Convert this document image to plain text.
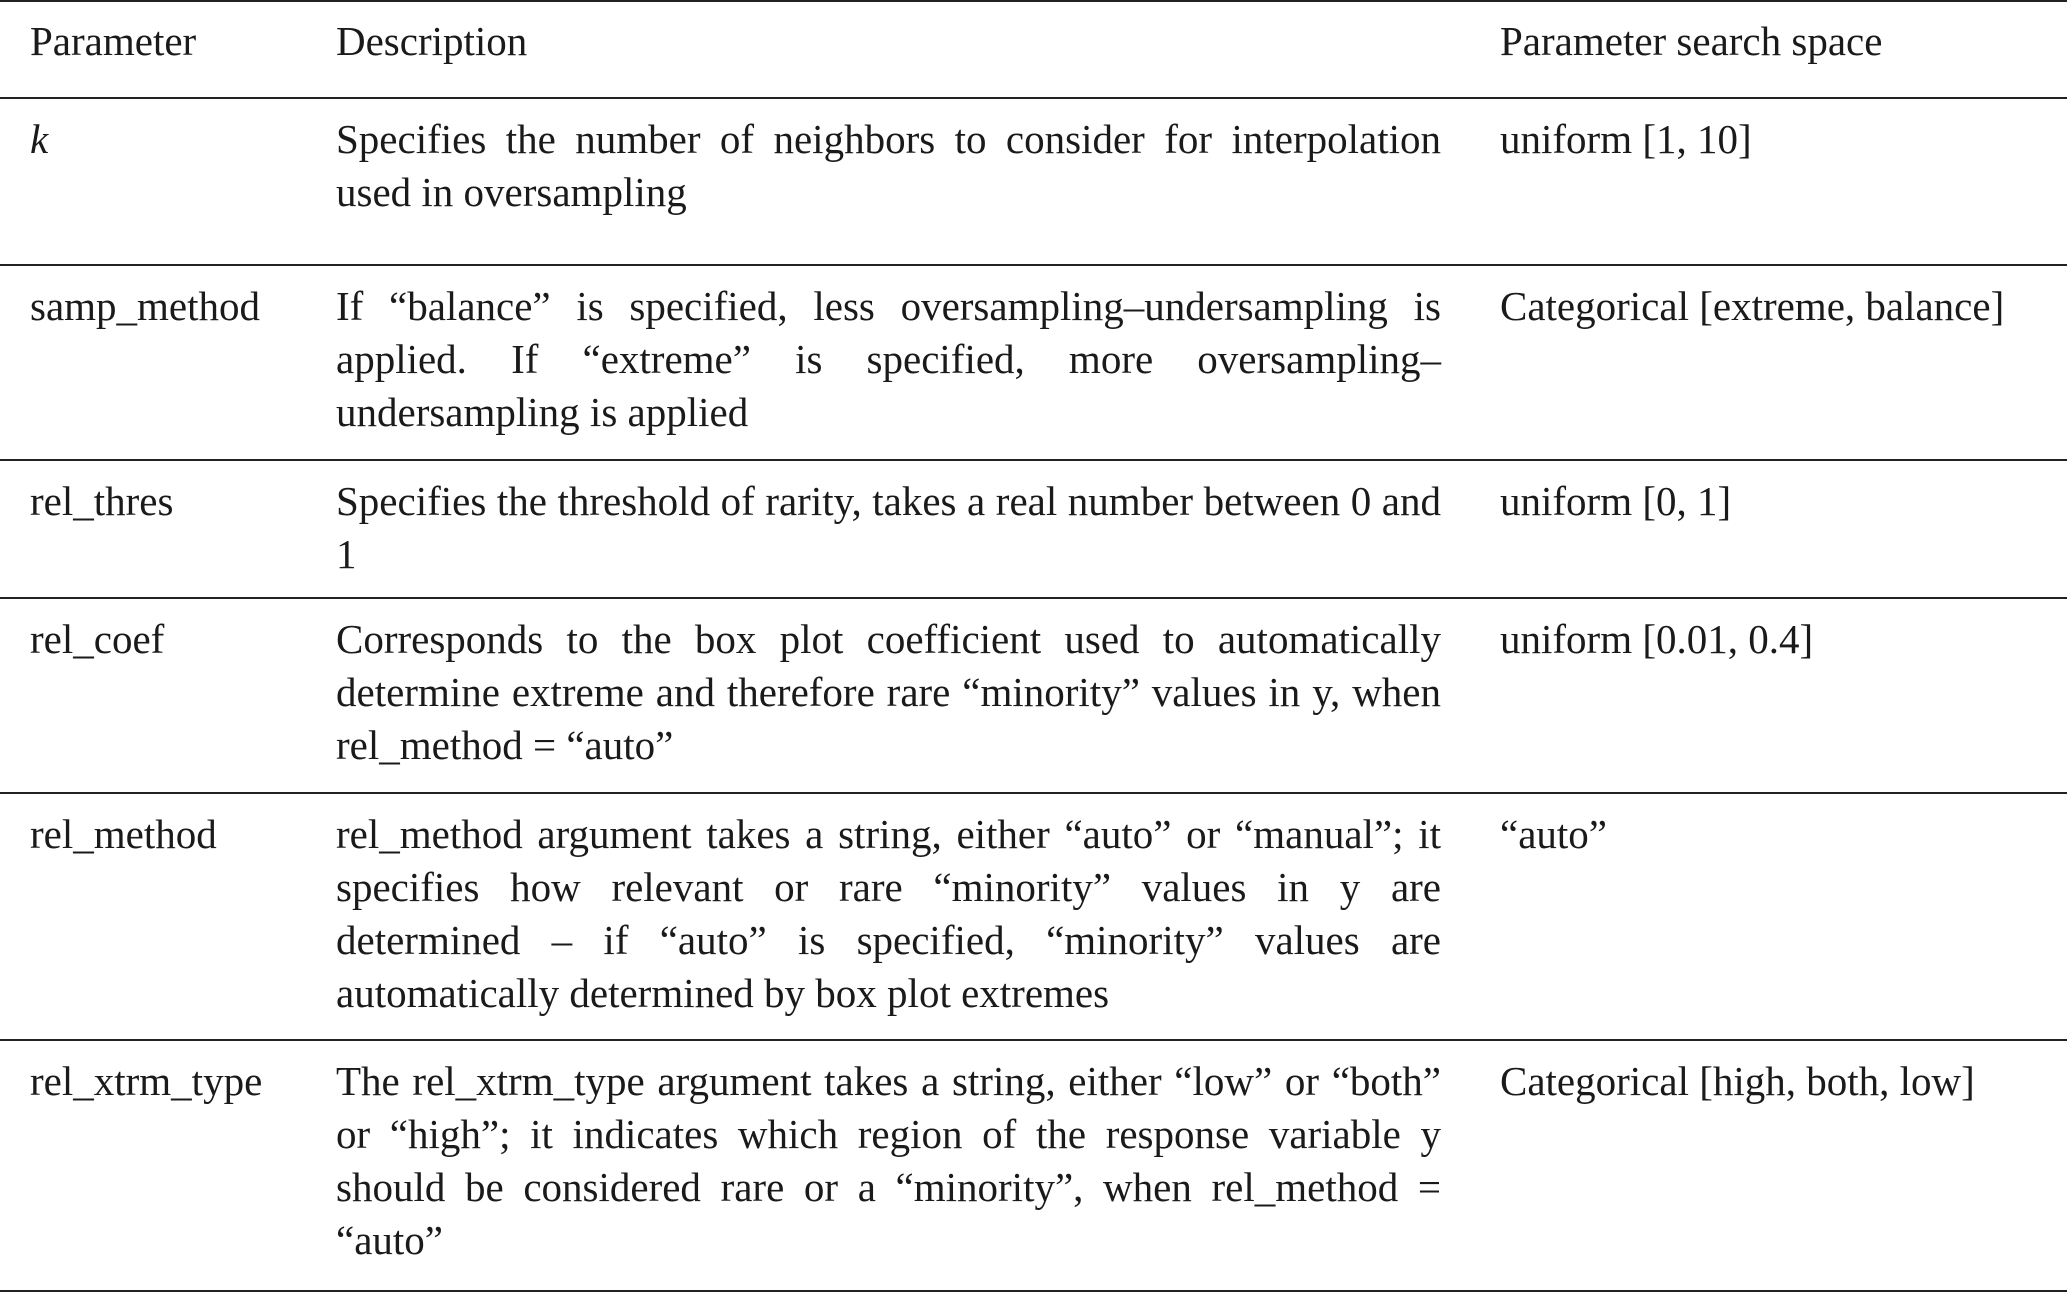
Parameter	Description	Parameter search space
k	Specifies the number of neighbors to consider for interpolation used in oversampling	uniform [1, 10]
samp_method	If “balance” is specified, less oversampling–undersampling is applied. If “extreme” is specified, more oversampling–undersampling is applied	Categorical [extreme, balance]
rel_thres	Specifies the threshold of rarity, takes a real number between 0 and 1	uniform [0, 1]
rel_coef	Corresponds to the box plot coefficient used to automatically determine extreme and therefore rare “minority” values in y, when rel_method = “auto”	uniform [0.01, 0.4]
rel_method	rel_method argument takes a string, either “auto” or “manual”; it specifies how relevant or rare “minority” values in y are determined – if “auto” is specified, “minority” values are automatically determined by box plot extremes	“auto”
rel_xtrm_type	The rel_xtrm_type argument takes a string, either “low” or “both” or “high”; it indicates which region of the response variable y should be considered rare or a “minority”, when rel_method = “auto”	Categorical [high, both, low]
